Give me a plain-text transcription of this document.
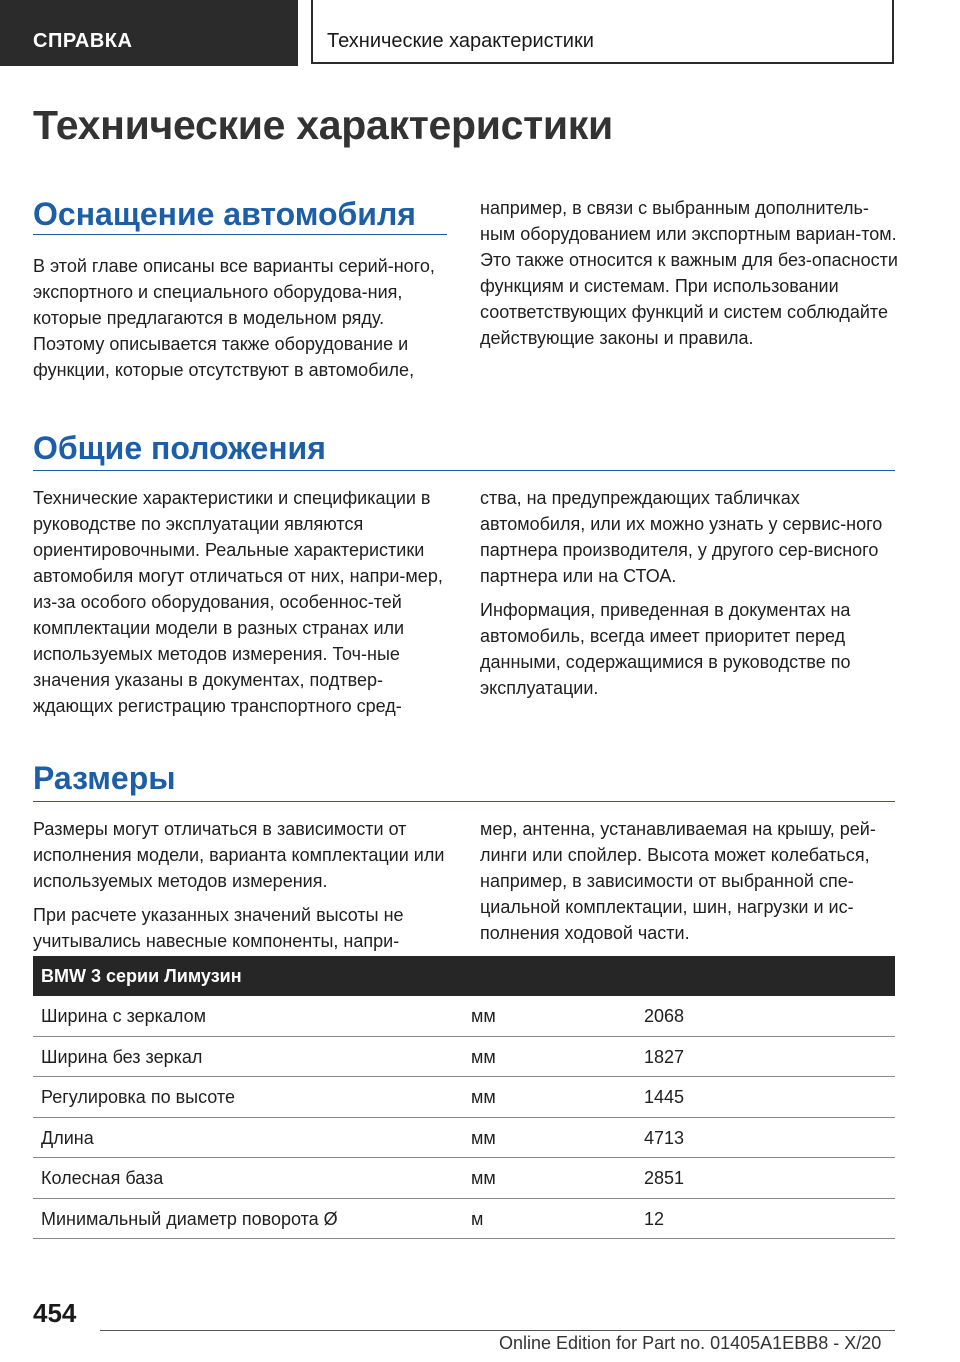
СПРАВКА	Технические характеристики
Технические характеристики
Оснащение автомобиля

В этой главе описаны все варианты серий-ного, экспортного и специального оборудова-ния, которые предлагаются в модельном ряду. Поэтому описывается также оборудование и функции, которые отсутствуют в автомобиле,

например, в связи с выбранным дополнитель-ным оборудованием или экспортным вариан-том. Это также относится к важным для без-опасности функциям и системам. При использовании соответствующих функций и систем соблюдайте действующие законы и правила.

Общие положения

Технические характеристики и спецификации в руководстве по эксплуатации являются ориентировочными. Реальные характеристики автомобиля могут отличаться от них, напри-мер, из-за особого оборудования, особеннос-тей комплектации модели в разных странах или используемых методов измерения. Точ-ные значения указаны в документах, подтвер-ждающих регистрацию транспортного сред-

ства, на предупреждающих табличках автомобиля, или их можно узнать у сервис-ного партнера производителя, у другого сер-висного партнера или на СТОА.

Информация, приведенная в документах на автомобиль, всегда имеет приоритет перед данными, содержащимися в руководстве по эксплуатации.

Размеры

Размеры могут отличаться в зависимости от исполнения модели, варианта комплектации или используемых методов измерения.

При расчете указанных значений высоты не учитывались навесные компоненты, напри-

мер, антенна, устанавливаемая на крышу, рей-линги или спойлер. Высота может колебаться, например, в зависимости от выбранной спе-циальной комплектации, шин, нагрузки и ис-полнения ходовой части.

BMW 3 серии Лимузин
Ширина с зеркалом	мм	2068
Ширина без зеркал	мм	1827
Регулировка по высоте	мм	1445
Длина	мм	4713
Колесная база	мм	2851
Минимальный диаметр поворота Ø	м	12
454
Online Edition for Part no. 01405A1EBB8 - X/20
